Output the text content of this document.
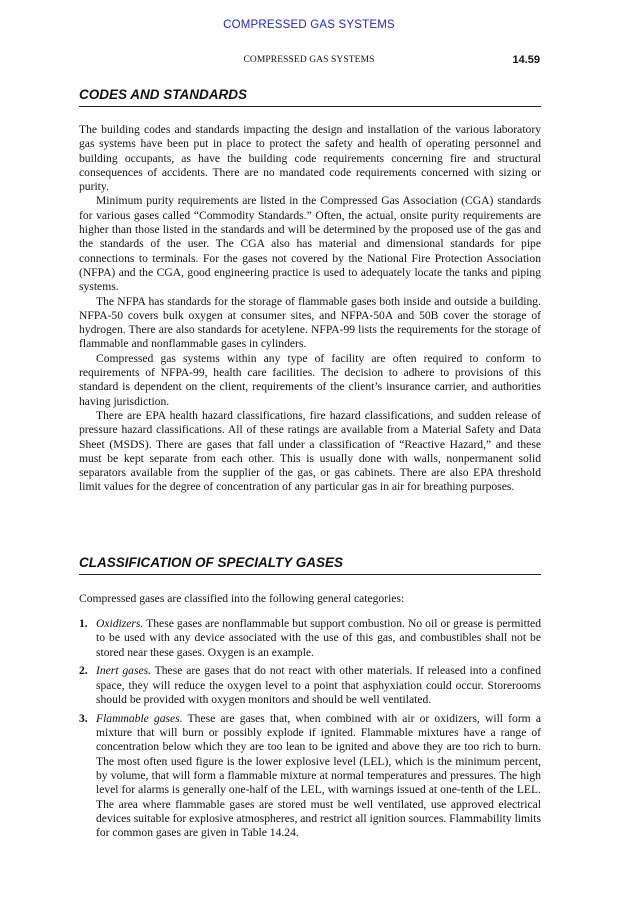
COMPRESSED GAS SYSTEMS
COMPRESSED GAS SYSTEMS	14.59
CODES AND STANDARDS

The building codes and standards impacting the design and installation of the various laboratory gas systems have been put in place to protect the safety and health of operating personnel and building occupants, as have the building code requirements concerning fire and structural consequences of accidents. There are no mandated code requirements concerned with sizing or purity.

Minimum purity requirements are listed in the Compressed Gas Association (CGA) standards for various gases called “Commodity Standards.” Often, the actual, onsite purity requirements are higher than those listed in the standards and will be determined by the proposed use of the gas and the standards of the user. The CGA also has material and dimensional standards for pipe connections to terminals. For the gases not covered by the National Fire Protection Association (NFPA) and the CGA, good engineering practice is used to adequately locate the tanks and piping systems.

The NFPA has standards for the storage of flammable gases both inside and outside a building. NFPA-50 covers bulk oxygen at consumer sites, and NFPA-50A and 50B cover the storage of hydrogen. There are also standards for acetylene. NFPA-99 lists the requirements for the storage of flammable and nonflammable gases in cylinders.

Compressed gas systems within any type of facility are often required to conform to requirements of NFPA-99, health care facilities. The decision to adhere to provisions of this standard is dependent on the client, requirements of the client’s insurance carrier, and authorities having jurisdiction.

There are EPA health hazard classifications, fire hazard classifications, and sudden release of pressure hazard classifications. All of these ratings are available from a Material Safety and Data Sheet (MSDS). There are gases that fall under a classification of “Reactive Hazard,” and these must be kept separate from each other. This is usually done with walls, nonpermanent solid separators available from the supplier of the gas, or gas cabinets. There are also EPA threshold limit values for the degree of concentration of any particular gas in air for breathing purposes.

CLASSIFICATION OF SPECIALTY GASES
Compressed gases are classified into the following general categories:
1. Oxidizers. These gases are nonflammable but support combustion. No oil or grease is permitted to be used with any device associated with the use of this gas, and combustibles shall not be stored near these gases. Oxygen is an example.
2. Inert gases. These are gases that do not react with other materials. If released into a confined space, they will reduce the oxygen level to a point that asphyxiation could occur. Storerooms should be provided with oxygen monitors and should be well ventilated.
3. Flammable gases. These are gases that, when combined with air or oxidizers, will form a mixture that will burn or possibly explode if ignited. Flammable mixtures have a range of concentration below which they are too lean to be ignited and above they are too rich to burn. The most often used figure is the lower explosive level (LEL), which is the minimum percent, by volume, that will form a flammable mixture at normal temperatures and pressures. The high level for alarms is generally one-half of the LEL, with warnings issued at one-tenth of the LEL. The area where flammable gases are stored must be well ventilated, use approved electrical devices suitable for explosive atmospheres, and restrict all ignition sources. Flammability limits for common gases are given in Table 14.24.
